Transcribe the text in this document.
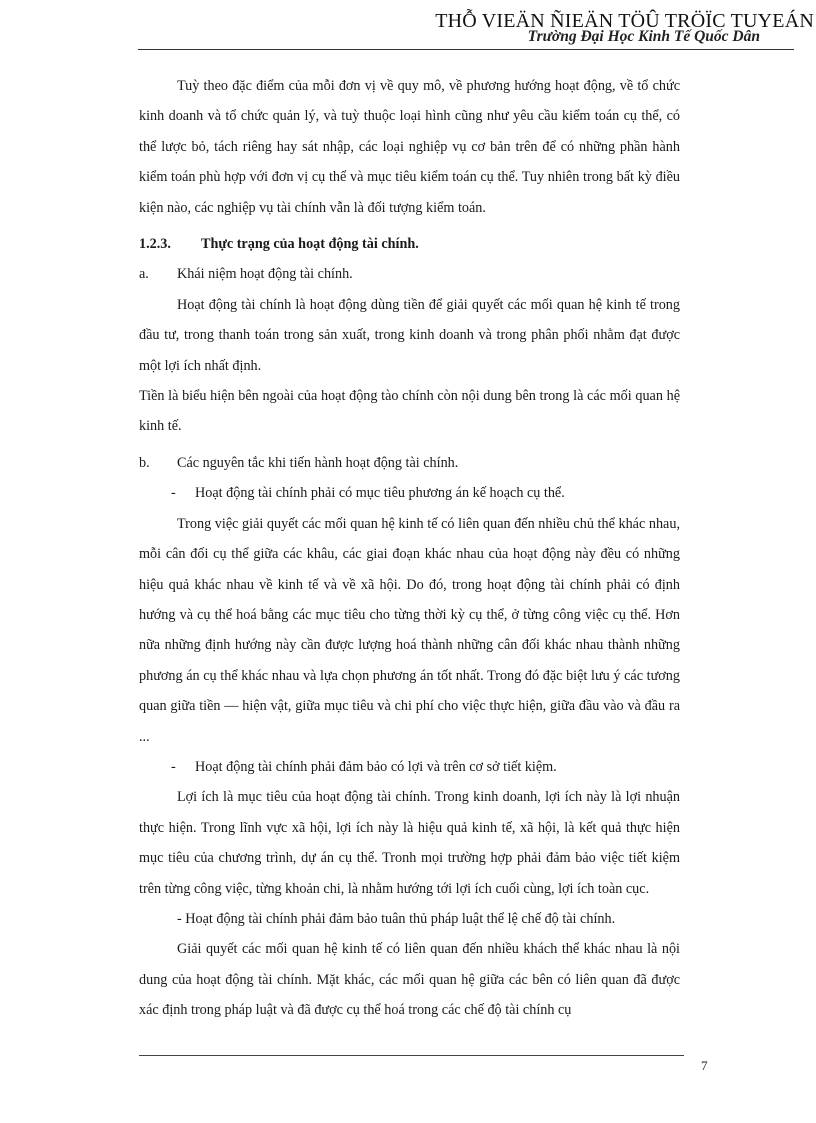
THỖ VIEÄN ÑIEÄN TÖÛ TRÖÏC TUYEÁN
Trường Đại Học Kinh Tế Quốc Dân

Tuỳ theo đặc điểm của mỗi đơn vị về quy mô, về phương hướng hoạt động, về tổ chức kinh doanh và tổ chức quản lý, và tuỳ thuộc loại hình cũng như yêu cầu kiểm toán cụ thể, có thể lược bỏ, tách riêng hay sát nhập, các loại nghiệp vụ cơ bản trên để có những phần hành kiểm toán phù hợp với đơn vị cụ thể và mục tiêu kiểm toán cụ thể. Tuy nhiên trong bất kỳ điều kiện nào, các nghiệp vụ tài chính vẫn là đối tượng kiểm toán.

1.2.3. Thực trạng của hoạt động tài chính.

a. Khái niệm hoạt động tài chính.

Hoạt động tài chính là hoạt động dùng tiền để giải quyết các mối quan hệ kinh tế trong đầu tư, trong thanh toán trong sản xuất, trong kinh doanh và trong phân phối nhằm đạt được một lợi ích nhất định.

Tiền là biểu hiện bên ngoài của hoạt động tào chính còn nội dung bên trong là các mối quan hệ kinh tế.

b. Các nguyên tắc khi tiến hành hoạt động tài chính.

- Hoạt động tài chính phải có mục tiêu phương án kế hoạch cụ thể.

Trong việc giải quyết các mối quan hệ kinh tế có liên quan đến nhiều chủ thể khác nhau, mỗi cân đối cụ thể giữa các khâu, các giai đoạn khác nhau của hoạt động này đều có những hiệu quả khác nhau về kinh tế và về xã hội. Do đó, trong hoạt động tài chính phải có định hướng và cụ thể hoá bằng các mục tiêu cho từng thời kỳ cụ thể, ở từng công việc cụ thể. Hơn nữa những định hướng này cần được lượng hoá thành những cân đối khác nhau thành những phương án cụ thể khác nhau và lựa chọn phương án tốt nhất. Trong đó đặc biệt lưu ý các tương quan giữa tiền — hiện vật, giữa mục tiêu và chi phí cho việc thực hiện, giữa đầu vào và đầu ra ...

- Hoạt động tài chính phải đảm bảo có lợi và trên cơ sở tiết kiệm.

Lợi ích là mục tiêu của hoạt động tài chính. Trong kinh doanh, lợi ích này là lợi nhuận thực hiện. Trong lĩnh vực xã hội, lợi ích này là hiệu quả kinh tế, xã hội, là kết quả thực hiện mục tiêu của chương trình, dự án cụ thể. Tronh mọi trường hợp phải đảm bảo việc tiết kiệm trên từng công việc, từng khoản chi, là nhằm hướng tới lợi ích cuối cùng, lợi ích toàn cục.

- Hoạt động tài chính phải đảm bảo tuân thủ pháp luật thể lệ chế độ tài chính.

Giải quyết các mối quan hệ kinh tế có liên quan đến nhiều khách thể khác nhau là nội dung của hoạt động tài chính. Mặt khác, các mối quan hệ giữa các bên có liên quan đã được xác định trong pháp luật và đã được cụ thể hoá trong các chế độ tài chính cụ

7
